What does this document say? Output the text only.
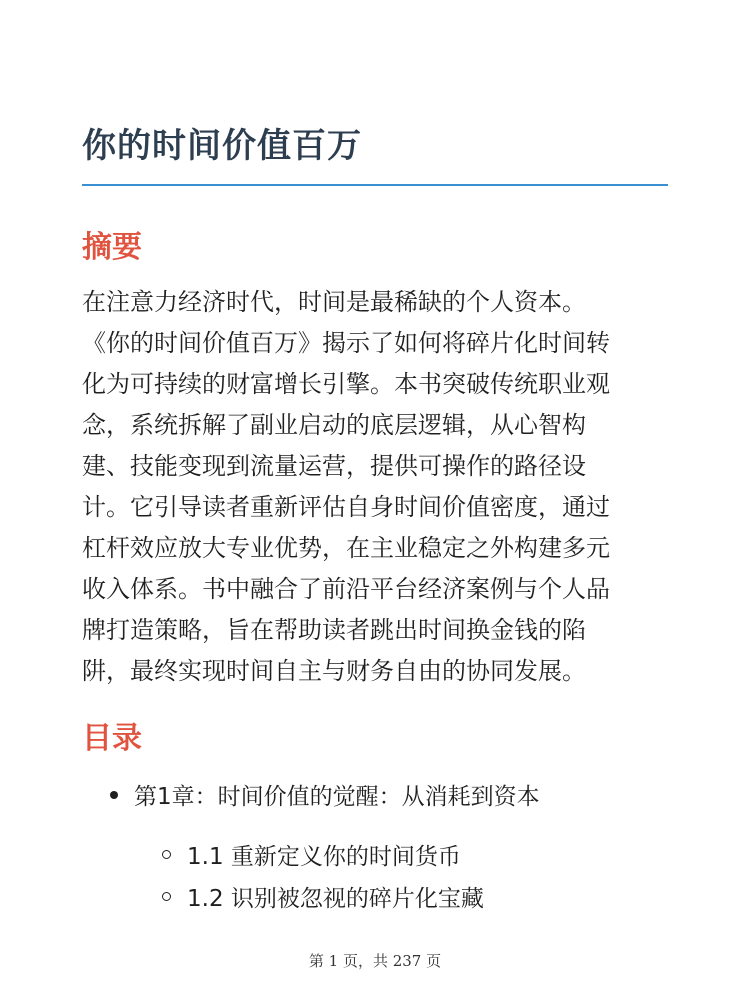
你的时间价值百万
摘要

在注意力经济时代，时间是最稀缺的个人资本。
《你的时间价值百万》揭示了如何将碎片化时间转
化为可持续的财富增长引擎。本书突破传统职业观
念，系统拆解了副业启动的底层逻辑，从心智构
建、技能变现到流量运营，提供可操作的路径设
计。它引导读者重新评估自身时间价值密度，通过
杠杆效应放大专业优势，在主业稳定之外构建多元
收入体系。书中融合了前沿平台经济案例与个人品
牌打造策略，旨在帮助读者跳出时间换金钱的陷
阱，最终实现时间自主与财务自由的协同发展。

目录
第1章：时间价值的觉醒：从消耗到资本
1.1 重新定义你的时间货币
1.2 识别被忽视的碎片化宝藏
第 1 页，共 237 页
